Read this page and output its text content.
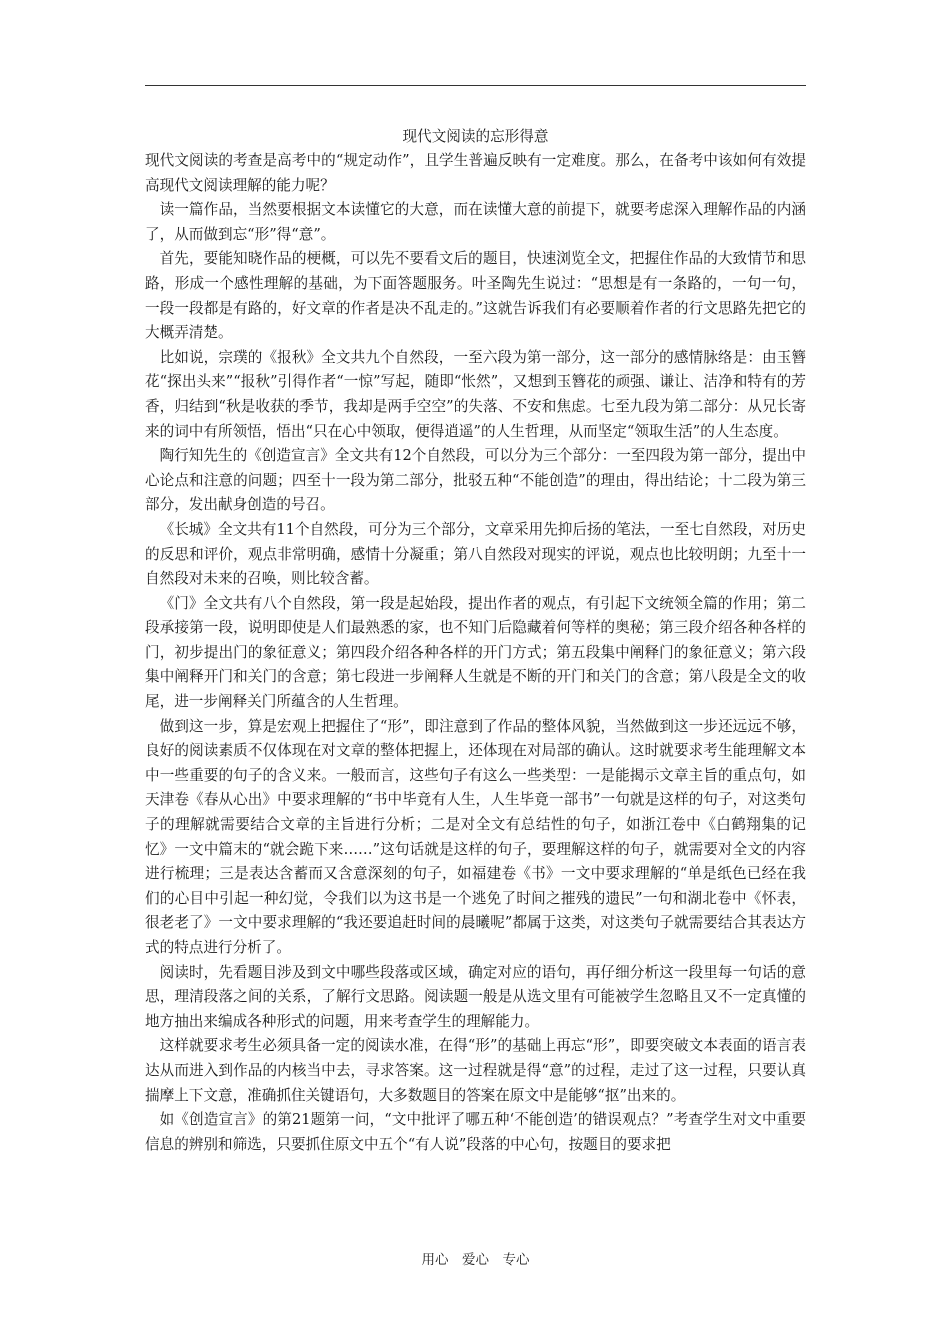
现代文阅读的忘形得意

现代文阅读的考查是高考中的“规定动作”，且学生普遍反映有一定难度。那么，在备考中该如何有效提高现代文阅读理解的能力呢？

读一篇作品，当然要根据文本读懂它的大意，而在读懂大意的前提下，就要考虑深入理解作品的内涵了，从而做到忘“形”得“意”。

首先，要能知晓作品的梗概，可以先不要看文后的题目，快速浏览全文，把握住作品的大致情节和思路，形成一个感性理解的基础，为下面答题服务。叶圣陶先生说过：“思想是有一条路的，一句一句，一段一段都是有路的，好文章的作者是决不乱走的。”这就告诉我们有必要顺着作者的行文思路先把它的大概弄清楚。

比如说，宗璞的《报秋》全文共九个自然段，一至六段为第一部分，这一部分的感情脉络是：由玉簪花“探出头来”“报秋”引得作者“一惊”写起，随即“怅然”，又想到玉簪花的顽强、谦让、洁净和特有的芳香，归结到“秋是收获的季节，我却是两手空空”的失落、不安和焦虑。七至九段为第二部分：从兄长寄来的词中有所领悟，悟出“只在心中领取，便得逍遥”的人生哲理，从而坚定“领取生活”的人生态度。

陶行知先生的《创造宣言》全文共有12个自然段，可以分为三个部分：一至四段为第一部分，提出中心论点和注意的问题；四至十一段为第二部分，批驳五种“不能创造”的理由，得出结论；十二段为第三部分，发出献身创造的号召。

《长城》全文共有11个自然段，可分为三个部分，文章采用先抑后扬的笔法，一至七自然段，对历史的反思和评价，观点非常明确，感情十分凝重；第八自然段对现实的评说，观点也比较明朗；九至十一自然段对未来的召唤，则比较含蓄。

《门》全文共有八个自然段，第一段是起始段，提出作者的观点，有引起下文统领全篇的作用；第二段承接第一段，说明即使是人们最熟悉的家，也不知门后隐藏着何等样的奥秘；第三段介绍各种各样的门，初步提出门的象征意义；第四段介绍各种各样的开门方式；第五段集中阐释门的象征意义；第六段集中阐释开门和关门的含意；第七段进一步阐释人生就是不断的开门和关门的含意；第八段是全文的收尾，进一步阐释关门所蕴含的人生哲理。

做到这一步，算是宏观上把握住了“形”，即注意到了作品的整体风貌，当然做到这一步还远远不够，良好的阅读素质不仅体现在对文章的整体把握上，还体现在对局部的确认。这时就要求考生能理解文本中一些重要的句子的含义来。一般而言，这些句子有这么一些类型：一是能揭示文章主旨的重点句，如天津卷《春从心出》中要求理解的“书中毕竟有人生，人生毕竟一部书”一句就是这样的句子，对这类句子的理解就需要结合文章的主旨进行分析；二是对全文有总结性的句子，如浙江卷中《白鹤翔集的记忆》一文中篇末的“就会跪下来……”这句话就是这样的句子，要理解这样的句子，就需要对全文的内容进行梳理；三是表达含蓄而又含意深刻的句子，如福建卷《书》一文中要求理解的“单是纸色已经在我们的心目中引起一种幻觉，令我们以为这书是一个逃免了时间之摧残的遗民”一句和湖北卷中《怀表，很老老了》一文中要求理解的“我还要追赶时间的晨曦呢”都属于这类，对这类句子就需要结合其表达方式的特点进行分析了。

阅读时，先看题目涉及到文中哪些段落或区域，确定对应的语句，再仔细分析这一段里每一句话的意思，理清段落之间的关系，了解行文思路。阅读题一般是从选文里有可能被学生忽略且又不一定真懂的地方抽出来编成各种形式的问题，用来考查学生的理解能力。

这样就要求考生必须具备一定的阅读水准，在得“形”的基础上再忘“形”，即要突破文本表面的语言表达从而进入到作品的内核当中去，寻求答案。这一过程就是得“意”的过程，走过了这一过程，只要认真揣摩上下文意，准确抓住关键语句，大多数题目的答案在原文中是能够“抠”出来的。

如《创造宣言》的第21题第一问，“文中批评了哪五种‘不能创造’的错误观点？”考查学生对文中重要信息的辨别和筛选，只要抓住原文中五个“有人说”段落的中心句，按题目的要求把

用心　爱心　专心
